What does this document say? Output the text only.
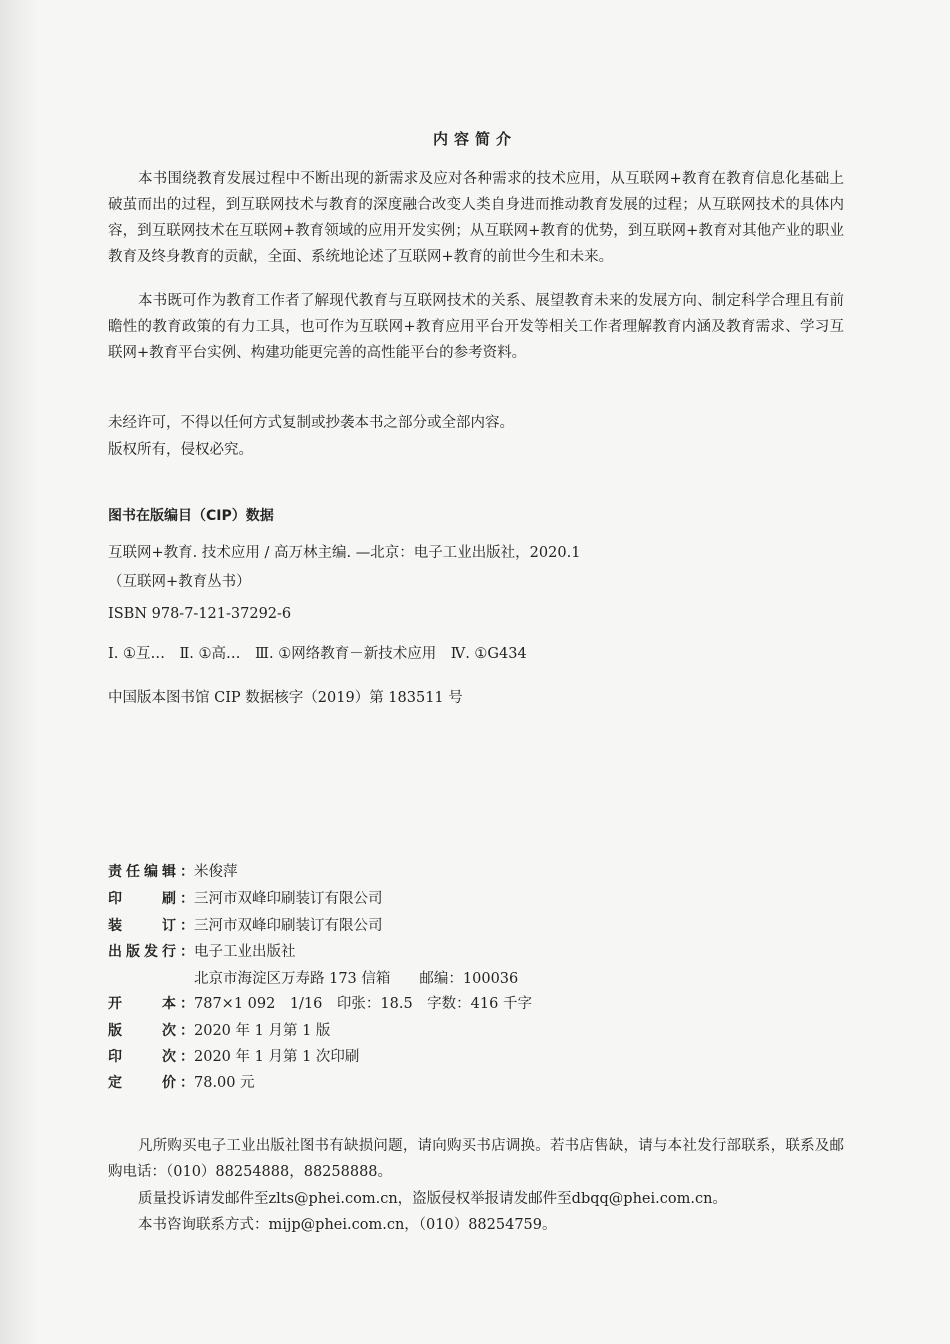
内容简介

本书围绕教育发展过程中不断出现的新需求及应对各种需求的技术应用，从互联网+教育在教育信息化基础上破茧而出的过程，到互联网技术与教育的深度融合改变人类自身进而推动教育发展的过程；从互联网技术的具体内容，到互联网技术在互联网+教育领域的应用开发实例；从互联网+教育的优势，到互联网+教育对其他产业的职业教育及终身教育的贡献，全面、系统地论述了互联网+教育的前世今生和未来。

本书既可作为教育工作者了解现代教育与互联网技术的关系、展望教育未来的发展方向、制定科学合理且有前瞻性的教育政策的有力工具，也可作为互联网+教育应用平台开发等相关工作者理解教育内涵及教育需求、学习互联网+教育平台实例、构建功能更完善的高性能平台的参考资料。

未经许可，不得以任何方式复制或抄袭本书之部分或全部内容。

版权所有，侵权必究。

图书在版编目（CIP）数据

互联网+教育. 技术应用 / 高万林主编. —北京：电子工业出版社，2020.1

（互联网+教育丛书）

ISBN 978-7-121-37292-6

Ⅰ. ①互…　Ⅱ. ①高…　Ⅲ. ①网络教育－新技术应用　Ⅳ. ①G434

中国版本图书馆 CIP 数据核字（2019）第 183511 号

责任编辑： 米俊萍
印　　刷： 三河市双峰印刷装订有限公司
装　　订： 三河市双峰印刷装订有限公司
出版发行： 电子工业出版社
北京市海淀区万寿路 173 信箱　　邮编：100036
开　　本： 787×1 092　1/16　印张：18.5　字数：416 千字
版　　次： 2020 年 1 月第 1 版
印　　次： 2020 年 1 月第 1 次印刷
定　　价： 78.00 元

凡所购买电子工业出版社图书有缺损问题，请向购买书店调换。若书店售缺，请与本社发行部联系，联系及邮购电话：（010）88254888，88258888。

质量投诉请发邮件至zlts@phei.com.cn，盗版侵权举报请发邮件至dbqq@phei.com.cn。

本书咨询联系方式：mijp@phei.com.cn，（010）88254759。
